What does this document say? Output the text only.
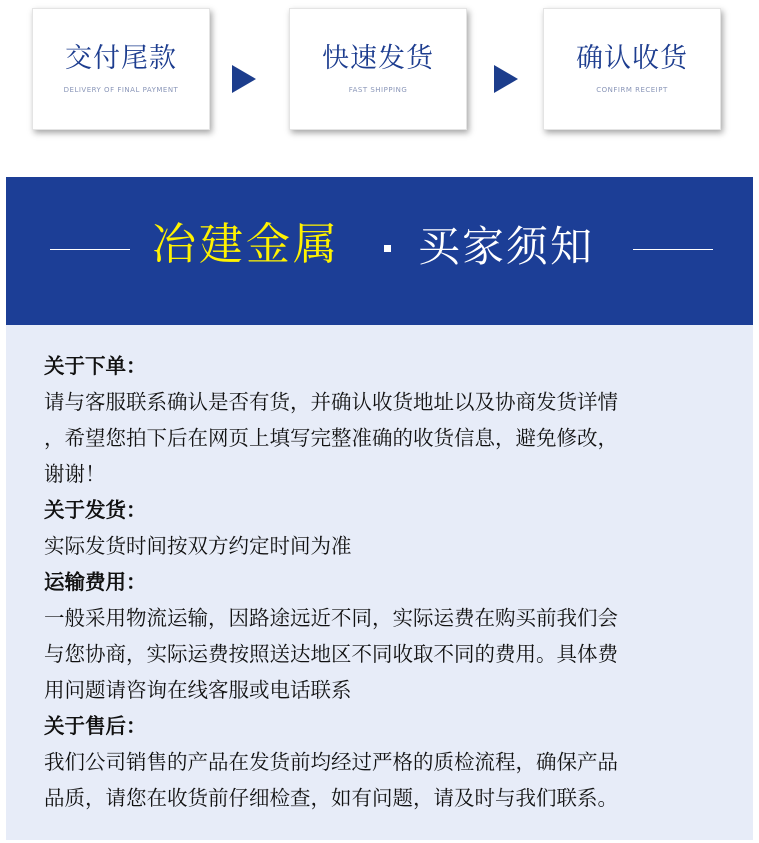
交付尾款
DELIVERY OF FINAL PAYMENT
快速发货
FAST SHIPPING
确认收货
CONFIRM RECEIPT
冶建金属 买家须知
关于下单：
请与客服联系确认是否有货，并确认收货地址以及协商发货详情
，希望您拍下后在网页上填写完整准确的收货信息，避免修改，
谢谢！
关于发货：
实际发货时间按双方约定时间为准
运输费用：
一般采用物流运输，因路途远近不同，实际运费在购买前我们会
与您协商，实际运费按照送达地区不同收取不同的费用。具体费
用问题请咨询在线客服或电话联系
关于售后：
我们公司销售的产品在发货前均经过严格的质检流程，确保产品
品质，请您在收货前仔细检查，如有问题，请及时与我们联系。
